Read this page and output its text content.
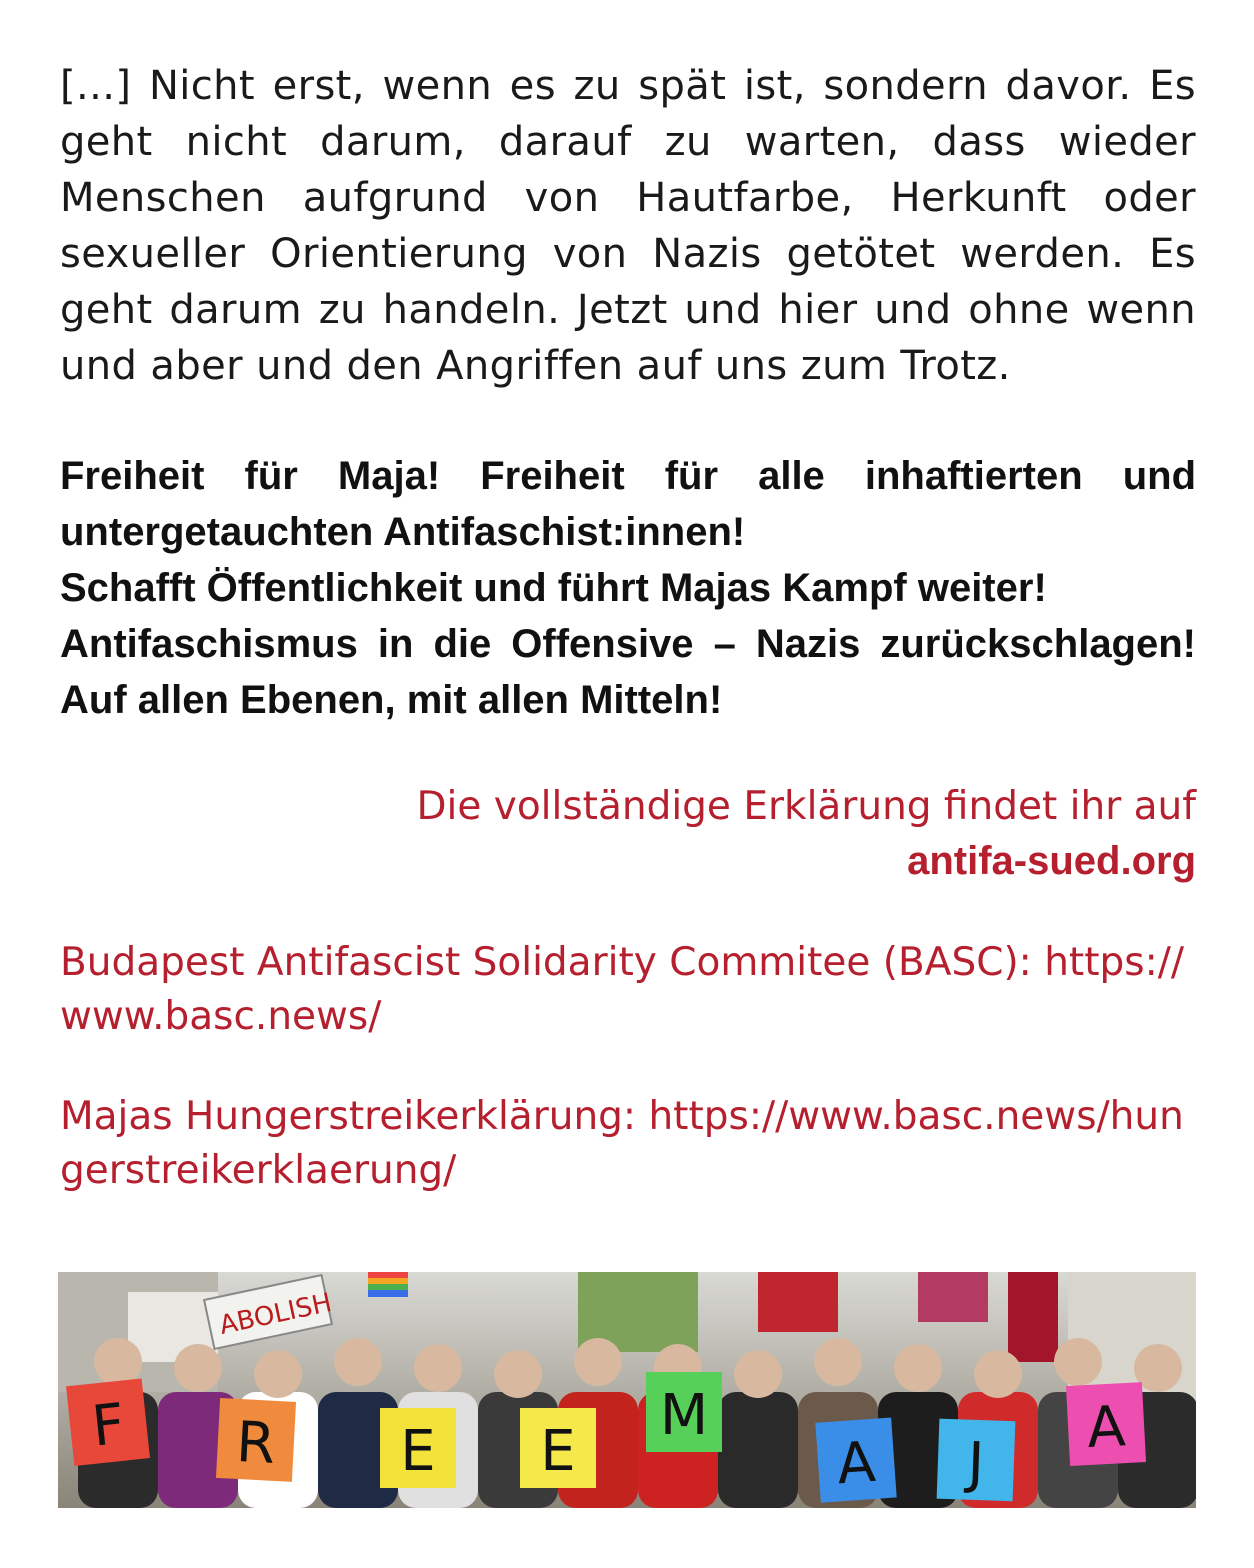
[...] Nicht erst, wenn es zu spät ist, sondern davor. Es geht nicht darum, darauf zu warten, dass wieder Menschen aufgrund von Hautfarbe, Herkunft oder sexueller Orientierung von Nazis getötet werden. Es geht darum zu handeln. Jetzt und hier und ohne wenn und aber und den Angriffen auf uns zum Trotz.

Freiheit für Maja! Freiheit für alle inhaftierten und untergetauchten Antifaschist:innen!

Schafft Öffentlichkeit und führt Majas Kampf weiter!

Antifaschismus in die Offensive – Nazis zurückschlagen! Auf allen Ebenen, mit allen Mitteln!

Die vollständige Erklärung findet ihr auf
antifa-sued.org
Budapest Antifascist Solidarity Commitee (BASC): https://www.basc.news/
Majas Hungerstreikerklärung: https://www.basc.news/hungerstreikerklaerung/
ABOLISH
F R E E
M
A J
A
